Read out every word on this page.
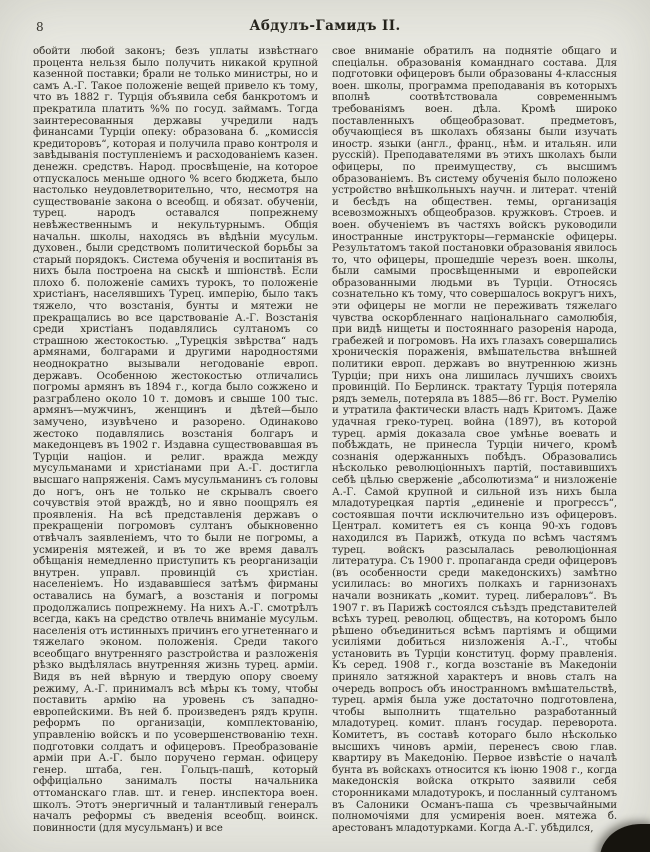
8	Абдулъ-Гамидъ II.
обойти любой законъ; безъ уплаты извѣстнаго процента нельзя было получить никакой крупной казенной поставки; брали не только министры, но и самъ А.-Г. Такое положеніе вещей привело къ тому, что въ 1882 г. Турція объявила себя банкротомъ и прекратила платить %% по госуд. займамъ. Тогда заинтересованныя державы учредили надъ финансами Турціи опеку: образована б. „комиссія кредиторовъ“, которая и получила право контроля и завѣдыванія поступленіемъ и расходованіемъ казен. денежн. средствъ. Народ. просвѣщеніе, на которое отпускалось меньше одного % всего бюджета, было настолько неудовлетворительно, что, несмотря на существованіе закона о всеобщ. и обязат. обученіи, турец. народъ оставался попрежнему невѣжественнымъ и некультурнымъ. Общія начальн. школы, находясь въ вѣдѣніи мусульм. духовен., были средствомъ политической борьбы за старый порядокъ. Система обученія и воспитанія въ нихъ была построена на сыскѣ и шпіонствѣ. Если плохо б. положеніе самихъ турокъ, то положеніе христіанъ, населявшихъ Турец. имперію, было такъ тяжело, что возстанія, бунты и мятежи не прекращались во все царствованіе А.-Г. Возстанія среди христіанъ подавлялись султаномъ со страшною жестокостью. „Турецкія звѣрства“ надъ армянами, болгарами и другими народностями неоднократно вызывали негодованіе европ. державъ. Особенною жестокостью отличались погромы армянъ въ 1894 г., когда было сожжено и разграблено около 10 т. домовъ и свыше 100 тыс. армянъ—мужчинъ, женщинъ и дѣтей—было замучено, изувѣчено и разорено. Одинаково жестоко подавлялись возстанія болгаръ и македонцевъ въ 1902 г. Издавна существовавшая въ Турціи націон. и религ. вражда между мусульманами и христіанами при А.-Г. достигла высшаго напряженія. Самъ мусульманинъ съ головы до ногъ, онъ не только не скрывалъ своего сочувствія этой враждѣ, но и явно поощрялъ ея проявленія. На всѣ представленія державъ о прекращеніи погромовъ султанъ обыкновенно отвѣчалъ заявленіемъ, что то были не погромы, а усмиренія мятежей, и въ то же время давалъ обѣщанія немедленно приступить къ реорганизаціи внутрен. управл. провинцій съ христіан. населеніемъ. Но издававшіеся затѣмъ фирманы оставались на бумагѣ, а возстанія и погромы продолжались попрежнему. На нихъ А.-Г. смотрѣлъ всегда, какъ на средство отвлечь вниманіе мусульм. населенія отъ истинныхъ причинъ его угнетеннаго и тяжелаго эконом. положенія. Среди такого всеобщаго внутренняго разстройства и разложенія рѣзко выдѣлялась внутренняя жизнь турец. арміи. Видя въ ней вѣрную и твердую опору своему режиму, А.-Г. принималъ всѣ мѣры къ тому, чтобы поставить армію на уровень съ западно-европейскими. Въ ней б. произведенъ рядъ крупн. реформъ по организаціи, комплектованію, управленію войскъ и по усовершенствованію техн. подготовки солдатъ и офицеровъ. Преобразованіе арміи при А.-Г. было поручено герман. офицеру генер. штаба, ген. Гольцъ-пашѣ, который оффиціально занималъ посты начальника оттоманскаго глав. шт. и генер. инспектора воен. школъ. Этотъ энергичный и талантливый генералъ началъ реформы съ введенія всеобщ. воинск. повинности (для мусульманъ) и все
свое вниманіе обратилъ на поднятіе общаго и спеціальн. образованія команднаго состава. Для подготовки офицеровъ были образованы 4-классныя воен. школы, программа преподаванія въ которыхъ вполнѣ соотвѣтствовала современнымъ требованіямъ воен. дѣла. Кромѣ широко поставленныхъ общеобразоват. предметовъ, обучающіеся въ школахъ обязаны были изучать иностр. языки (англ., франц., нѣм. и итальян. или русскій). Преподавателями въ этихъ школахъ были офицеры, по преимуществу, съ высшимъ образованіемъ. Въ систему обученія было положено устройство внѣшкольныхъ научн. и литерат. чтеній и бесѣдъ на обществен. темы, организація всевозможныхъ общеобразов. кружковъ. Строев. и воен. обученіемъ въ частяхъ войскъ руководили иностранные инструкторы—германскіе офицеры. Результатомъ такой постановки образованія явилось то, что офицеры, прошедшіе черезъ воен. школы, были самыми просвѣщенными и европейски образованными людьми въ Турціи. Относясь сознательно къ тому, что совершалось вокругъ нихъ, эти офицеры не могли не переживать тяжелаго чувства оскорбленнаго національнаго самолюбія, при видѣ нищеты и постояннаго разоренія народа, грабежей и погромовъ. На ихъ глазахъ совершались хроническія пораженія, вмѣшательства внѣшней политики европ. державъ во внутреннюю жизнь Турціи; при нихъ она лишилась лучшихъ своихъ провинцій. По Берлинск. трактату Турція потеряла рядъ земель, потеряла въ 1885—86 гг. Вост. Румелію и утратила фактически власть надъ Критомъ. Даже удачная греко-турец. война (1897), въ которой турец. армія доказала свое умѣнье воевать и побѣждать, не принесла Турціи ничего, кромѣ сознанія одержанныхъ побѣдъ. Образовались нѣсколько революціонныхъ партій, поставившихъ себѣ цѣлью сверженіе „абсолютизма“ и низложеніе А.-Г. Самой крупной и сильной изъ нихъ была младотурецкая партія „единеніе и прогрессъ“, состоявшая почти исключительно изъ офицеровъ. Централ. комитетъ ея съ конца 90-хъ годовъ находился въ Парижѣ, откуда по всѣмъ частямъ турец. войскъ разсылалась революціонная литература. Съ 1900 г. пропаганда среди офицеровъ (въ особенности среди македонскихъ) замѣтно усилилась: во многихъ полкахъ и гарнизонахъ начали возникать „комит. турец. либераловъ“. Въ 1907 г. въ Парижѣ состоялся съѣздъ представителей всѣхъ турец. революц. обществъ, на которомъ было рѣшено объединиться всѣмъ партіямъ и общими усиліями добиться низложенія А.-Г., чтобы установить въ Турціи конституц. форму правленія. Къ серед. 1908 г., когда возстаніе въ Македоніи приняло затяжной характеръ и вновь сталъ на очередь вопросъ объ иностранномъ вмѣшательствѣ, турец. армія была уже достаточно подготовлена, чтобы выполнить тщательно разработанный младотурец. комит. планъ государ. переворота. Комитетъ, въ составѣ котораго было нѣсколько высшихъ чиновъ арміи, перенесъ свою глав. квартиру въ Македонію. Первое извѣстіе о началѣ бунта въ войскахъ относится къ іюню 1908 г., когда македонскія войска открыто заявили себя сторонниками младотурокъ, и посланный султаномъ въ Салоники Османъ-паша съ чрезвычайными полномочіями для усмиренія воен. мятежа б. арестованъ младотурками. Когда А.-Г. убѣдился,
